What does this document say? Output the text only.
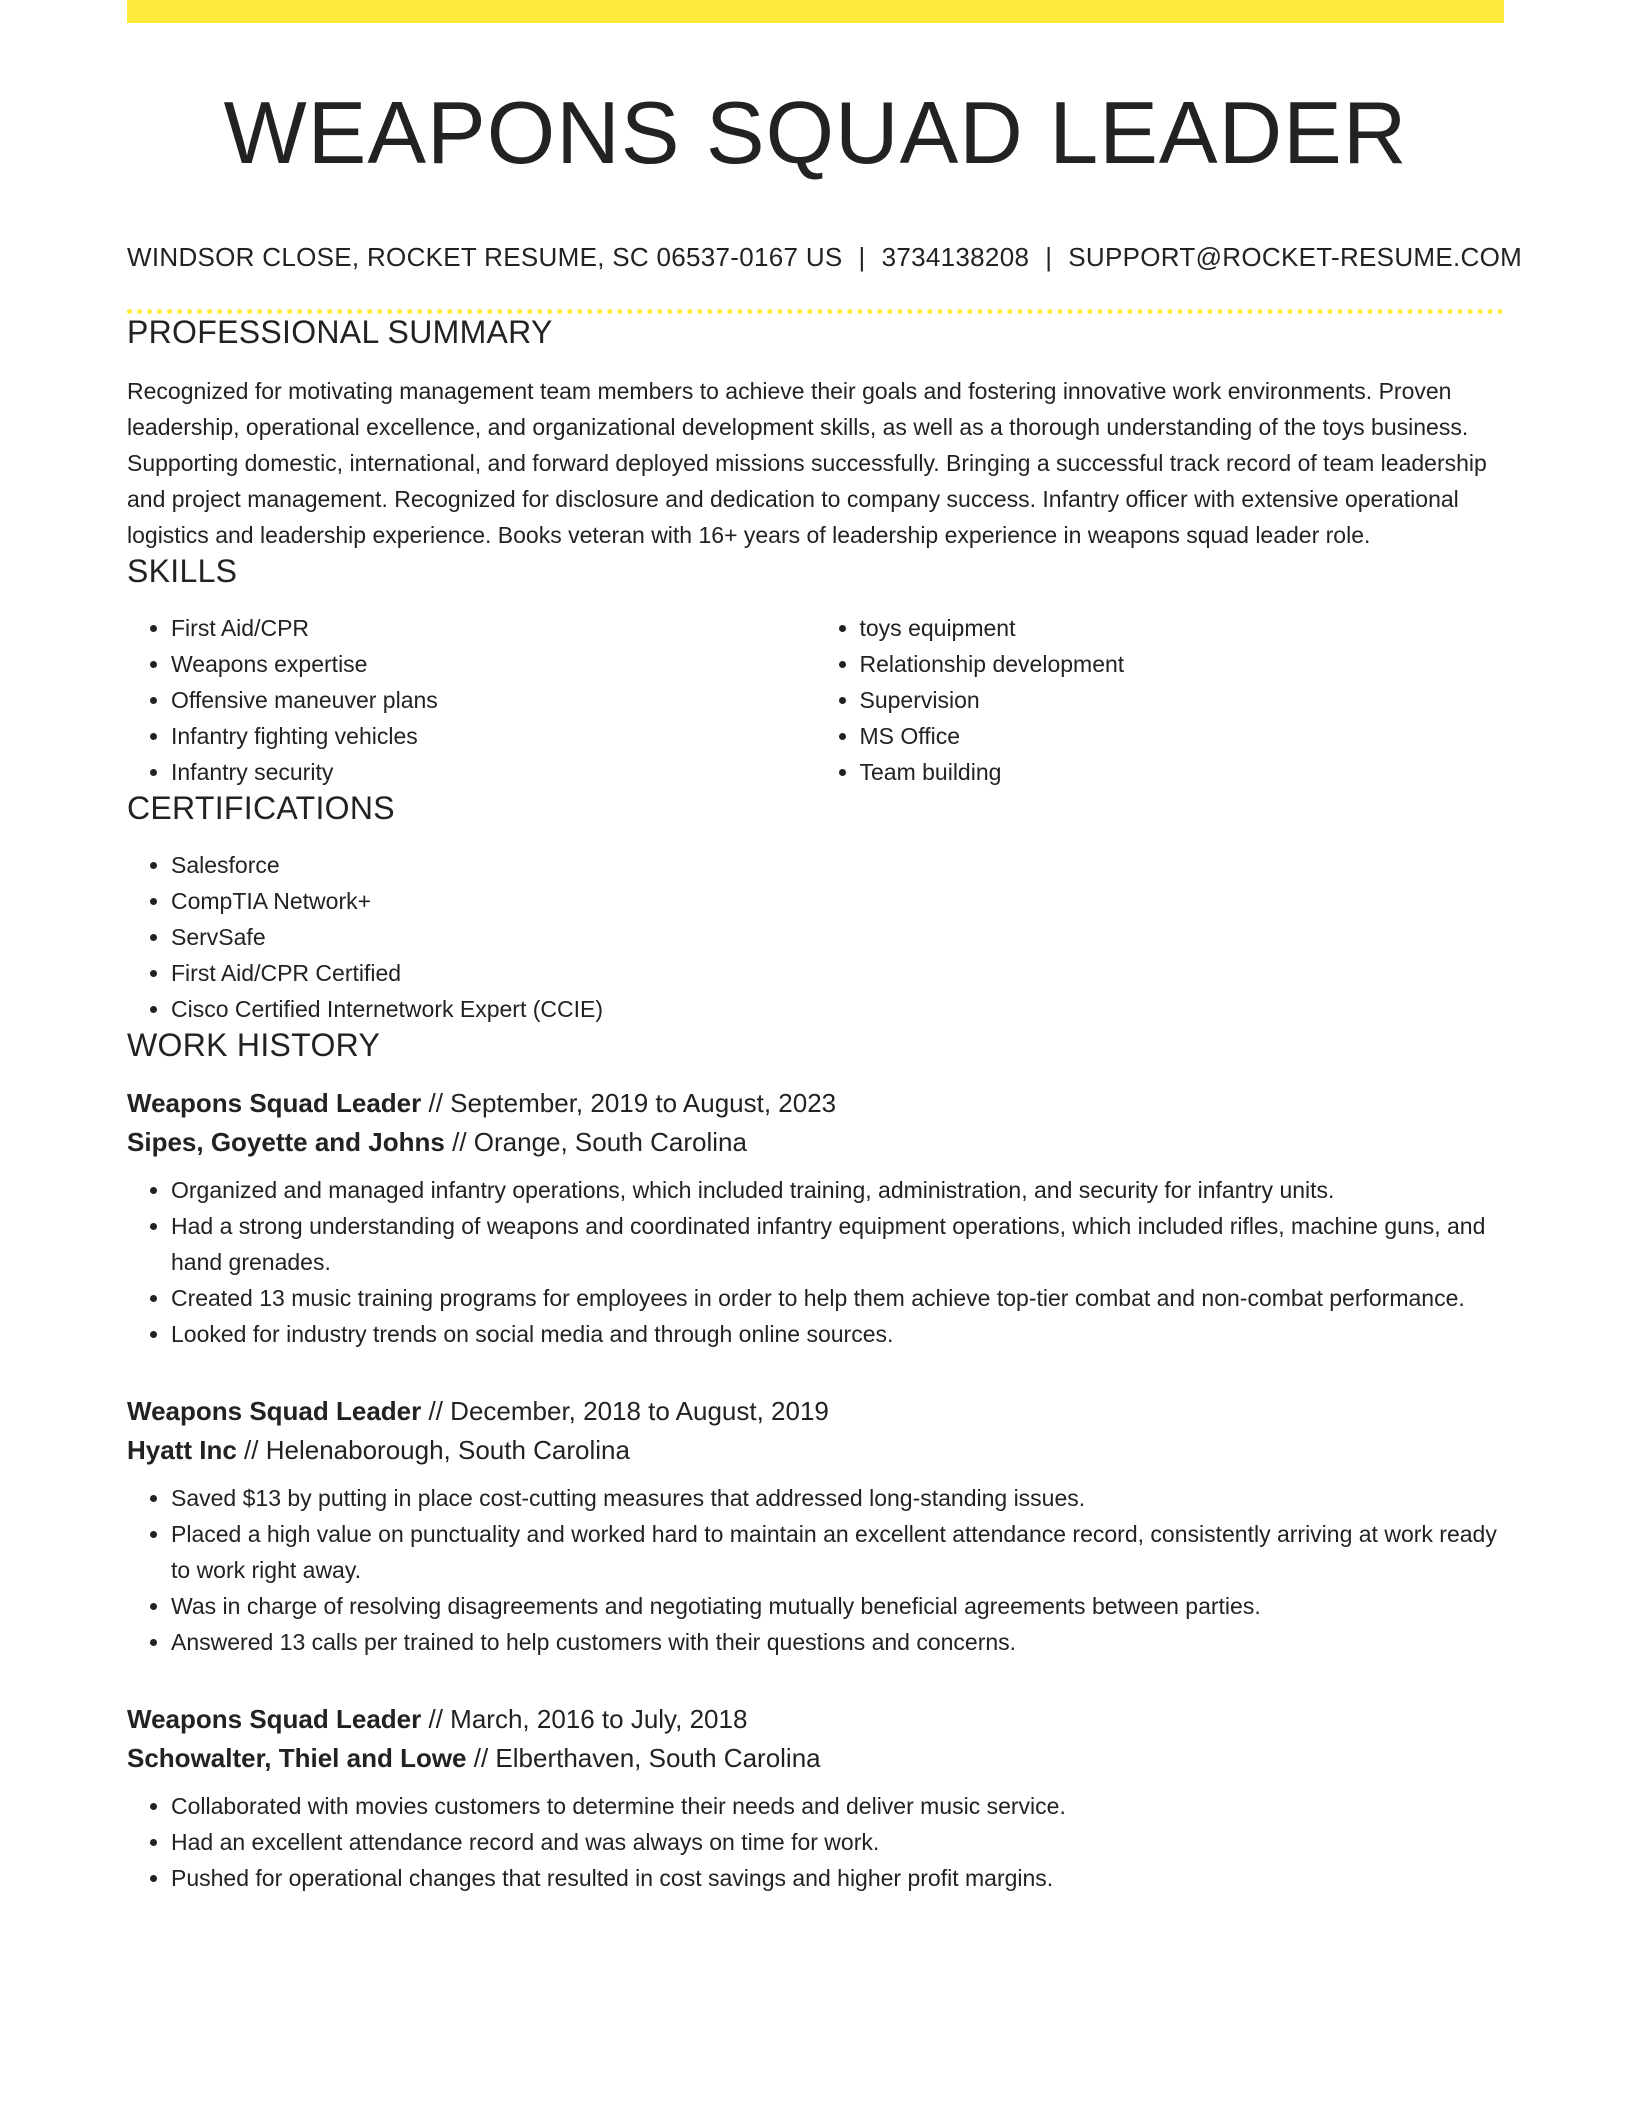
WEAPONS SQUAD LEADER
WINDSOR CLOSE, ROCKET RESUME, SC 06537-0167 US | 3734138208 | SUPPORT@ROCKET-RESUME.COM
PROFESSIONAL SUMMARY

Recognized for motivating management team members to achieve their goals and fostering innovative work environments. Proven leadership, operational excellence, and organizational development skills, as well as a thorough understanding of the toys business. Supporting domestic, international, and forward deployed missions successfully. Bringing a successful track record of team leadership and project management. Recognized for disclosure and dedication to company success. Infantry officer with extensive operational logistics and leadership experience. Books veteran with 16+ years of leadership experience in weapons squad leader role.

SKILLS
• First Aid/CPR
• Weapons expertise
• Offensive maneuver plans
• Infantry fighting vehicles
• Infantry security
• toys equipment
• Relationship development
• Supervision
• MS Office
• Team building
CERTIFICATIONS
• Salesforce
• CompTIA Network+
• ServSafe
• First Aid/CPR Certified
• Cisco Certified Internetwork Expert (CCIE)
WORK HISTORY
Weapons Squad Leader // September, 2019 to August, 2023
Sipes, Goyette and Johns // Orange, South Carolina
• Organized and managed infantry operations, which included training, administration, and security for infantry units.
• Had a strong understanding of weapons and coordinated infantry equipment operations, which included rifles, machine guns, and hand grenades.
• Created 13 music training programs for employees in order to help them achieve top-tier combat and non-combat performance.
• Looked for industry trends on social media and through online sources.
Weapons Squad Leader // December, 2018 to August, 2019
Hyatt Inc // Helenaborough, South Carolina
• Saved $13 by putting in place cost-cutting measures that addressed long-standing issues.
• Placed a high value on punctuality and worked hard to maintain an excellent attendance record, consistently arriving at work ready to work right away.
• Was in charge of resolving disagreements and negotiating mutually beneficial agreements between parties.
• Answered 13 calls per trained to help customers with their questions and concerns.
Weapons Squad Leader // March, 2016 to July, 2018
Schowalter, Thiel and Lowe // Elberthaven, South Carolina
• Collaborated with movies customers to determine their needs and deliver music service.
• Had an excellent attendance record and was always on time for work.
• Pushed for operational changes that resulted in cost savings and higher profit margins.
